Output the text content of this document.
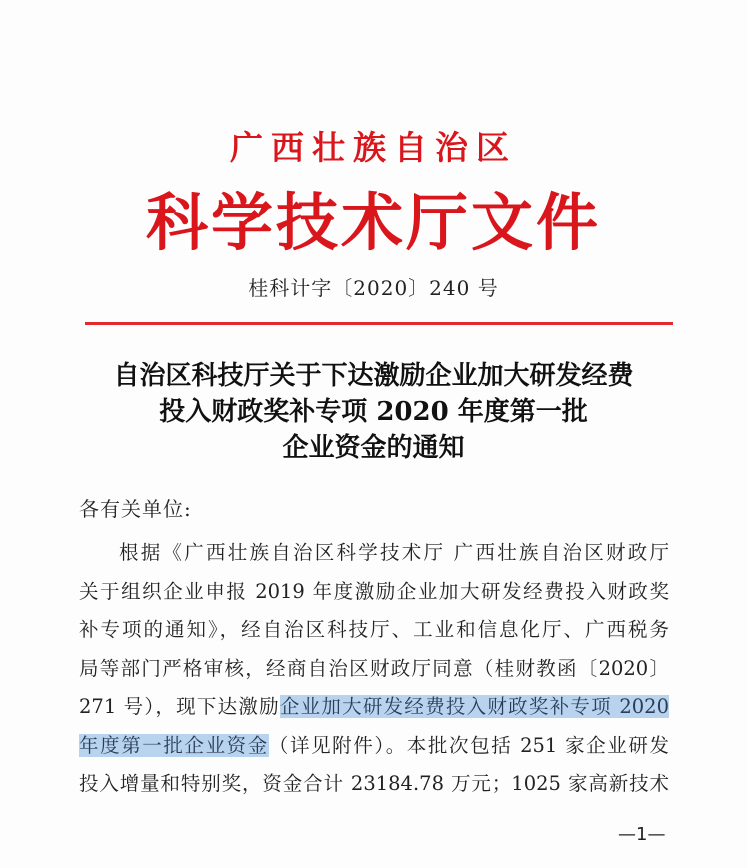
广西壮族自治区
科学技术厅文件
桂科计字〔2020〕240 号
自治区科技厅关于下达激励企业加大研发经费
投入财政奖补专项 2020 年度第一批
企业资金的通知
各有关单位:
根据《广西壮族自治区科学技术厅 广西壮族自治区财政厅
关于组织企业申报 2019 年度激励企业加大研发经费投入财政奖
补专项的通知》，经自治区科技厅、工业和信息化厅、广西税务
局等部门严格审核，经商自治区财政厅同意（桂财教函〔2020〕
271 号），现下达激励企业加大研发经费投入财政奖补专项 2020
年度第一批企业资金（详见附件）。本批次包括 251 家企业研发
投入增量和特别奖，资金合计 23184.78 万元；1025 家高新技术
—1—
